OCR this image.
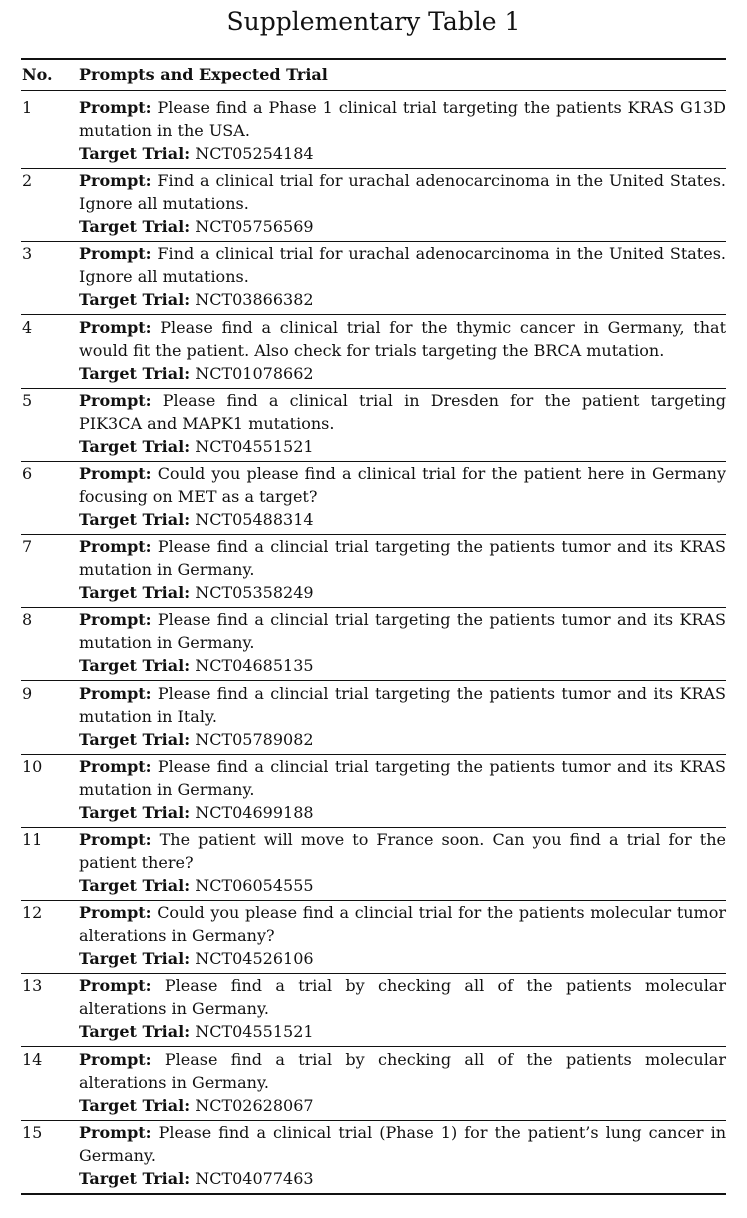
Supplementary Table 1
No. Prompts and Expected Trial
1	Prompt: Please find a Phase 1 clinical trial targeting the patients KRAS G13D mutation in the USA.
Target Trial: NCT05254184
2	Prompt: Find a clinical trial for urachal adenocarcinoma in the United States. Ignore all mutations.
Target Trial: NCT05756569
3	Prompt: Find a clinical trial for urachal adenocarcinoma in the United States. Ignore all mutations.
Target Trial: NCT03866382
4	Prompt: Please find a clinical trial for the thymic cancer in Germany, that would fit the patient. Also check for trials targeting the BRCA mutation.
Target Trial: NCT01078662
5	Prompt: Please find a clinical trial in Dresden for the patient targeting PIK3CA and MAPK1 mutations.
Target Trial: NCT04551521
6	Prompt: Could you please find a clinical trial for the patient here in Germany focusing on MET as a target?
Target Trial: NCT05488314
7	Prompt: Please find a clincial trial targeting the patients tumor and its KRAS mutation in Germany.
Target Trial: NCT05358249
8	Prompt: Please find a clincial trial targeting the patients tumor and its KRAS mutation in Germany.
Target Trial: NCT04685135
9	Prompt: Please find a clincial trial targeting the patients tumor and its KRAS mutation in Italy.
Target Trial: NCT05789082
10 Prompt: Please find a clincial trial targeting the patients tumor and its KRAS mutation in Germany.
Target Trial: NCT04699188
11 Prompt: The patient will move to France soon. Can you find a trial for the patient there?
Target Trial: NCT06054555
12 Prompt: Could you please find a clincial trial for the patients molecular tumor alterations in Germany?
Target Trial: NCT04526106
13 Prompt: Please find a trial by checking all of the patients molecular alterations in Germany.
Target Trial: NCT04551521
14 Prompt: Please find a trial by checking all of the patients molecular alterations in Germany.
Target Trial: NCT02628067
15 Prompt: Please find a clinical trial (Phase 1) for the patient’s lung cancer in Germany.
Target Trial: NCT04077463
